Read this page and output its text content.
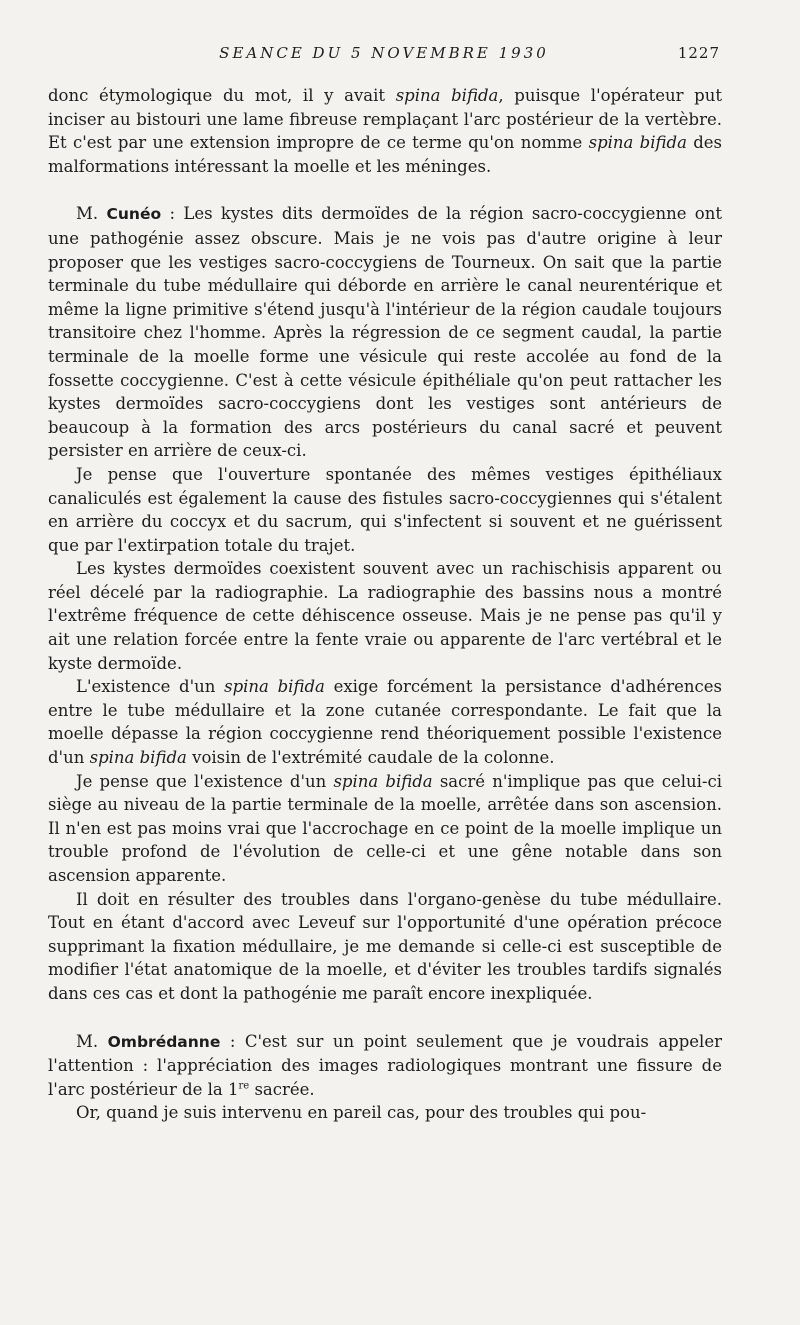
SEANCE DU 5 NOVEMBRE 1930	1227

donc étymologique du mot, il y avait spina bifida, puisque l'opérateur put inciser au bistouri une lame fibreuse remplaçant l'arc postérieur de la vertèbre. Et c'est par une extension impropre de ce terme qu'on nomme spina bifida des malformations intéressant la moelle et les méninges.

M. Cunéo : Les kystes dits dermoïdes de la région sacro-coccygienne ont une pathogénie assez obscure. Mais je ne vois pas d'autre origine à leur proposer que les vestiges sacro-coccygiens de Tourneux. On sait que la partie terminale du tube médullaire qui déborde en arrière le canal neurentérique et même la ligne primitive s'étend jusqu'à l'intérieur de la région caudale toujours transitoire chez l'homme. Après la régression de ce segment caudal, la partie terminale de la moelle forme une vésicule qui reste accolée au fond de la fossette coccygienne. C'est à cette vésicule épithéliale qu'on peut rattacher les kystes dermoïdes sacro-coccygiens dont les vestiges sont antérieurs de beaucoup à la formation des arcs postérieurs du canal sacré et peuvent persister en arrière de ceux-ci.

Je pense que l'ouverture spontanée des mêmes vestiges épithéliaux canaliculés est également la cause des fistules sacro-coccygiennes qui s'étalent en arrière du coccyx et du sacrum, qui s'infectent si souvent et ne guérissent que par l'extirpation totale du trajet.

Les kystes dermoïdes coexistent souvent avec un rachischisis apparent ou réel décelé par la radiographie. La radiographie des bassins nous a montré l'extrême fréquence de cette déhiscence osseuse. Mais je ne pense pas qu'il y ait une relation forcée entre la fente vraie ou apparente de l'arc vertébral et le kyste dermoïde.

L'existence d'un spina bifida exige forcément la persistance d'adhérences entre le tube médullaire et la zone cutanée correspondante. Le fait que la moelle dépasse la région coccygienne rend théoriquement possible l'existence d'un spina bifida voisin de l'extrémité caudale de la colonne.

Je pense que l'existence d'un spina bifida sacré n'implique pas que celui-ci siège au niveau de la partie terminale de la moelle, arrêtée dans son ascension. Il n'en est pas moins vrai que l'accrochage en ce point de la moelle implique un trouble profond de l'évolution de celle-ci et une gêne notable dans son ascension apparente.

Il doit en résulter des troubles dans l'organo-genèse du tube médullaire. Tout en étant d'accord avec Leveuf sur l'opportunité d'une opération précoce supprimant la fixation médullaire, je me demande si celle-ci est susceptible de modifier l'état anatomique de la moelle, et d'éviter les troubles tardifs signalés dans ces cas et dont la pathogénie me paraît encore inexpliquée.

M. Ombrédanne : C'est sur un point seulement que je voudrais appeler l'attention : l'appréciation des images radiologiques montrant une fissure de l'arc postérieur de la 1re sacrée.

Or, quand je suis intervenu en pareil cas, pour des troubles qui pou-
